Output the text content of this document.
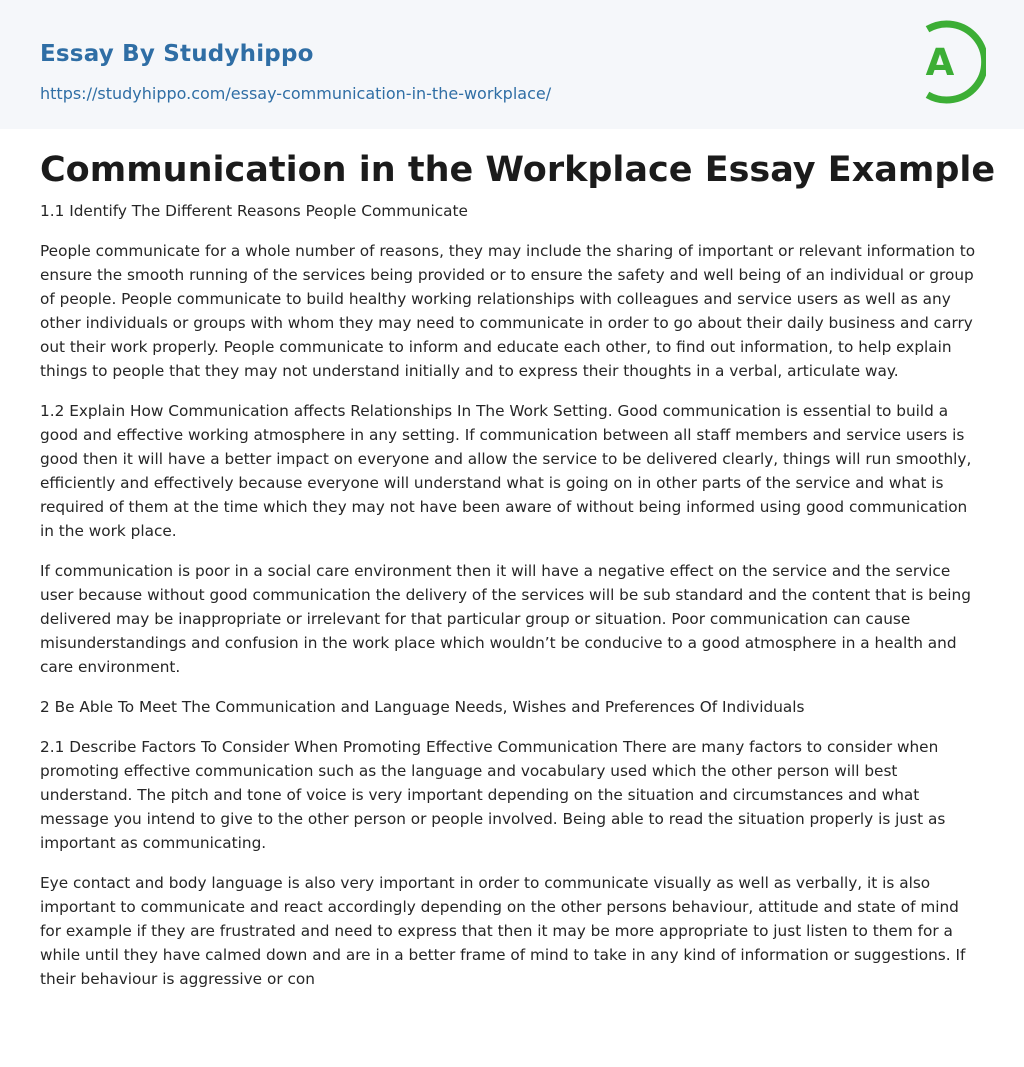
Essay By Studyhippo
https://studyhippo.com/essay-communication-in-the-workplace/
A
Communication in the Workplace Essay Example

1.1 Identify The Different Reasons People Communicate

People communicate for a whole number of reasons, they may include the sharing of important or relevant information to ensure the smooth running of the services being provided or to ensure the safety and well being of an individual or group of people. People communicate to build healthy working relationships with colleagues and service users as well as any other individuals or groups with whom they may need to communicate in order to go about their daily business and carry out their work properly. People communicate to inform and educate each other, to find out information, to help explain things to people that they may not understand initially and to express their thoughts in a verbal, articulate way.

1.2 Explain How Communication affects Relationships In The Work Setting. Good communication is essential to build a good and effective working atmosphere in any setting. If communication between all staff members and service users is good then it will have a better impact on everyone and allow the service to be delivered clearly, things will run smoothly, efficiently and effectively because everyone will understand what is going on in other parts of the service and what is required of them at the time which they may not have been aware of without being informed using good communication in the work place.

If communication is poor in a social care environment then it will have a negative effect on the service and the service user because without good communication the delivery of the services will be sub standard and the content that is being delivered may be inappropriate or irrelevant for that particular group or situation. Poor communication can cause misunderstandings and confusion in the work place which wouldn’t be conducive to a good atmosphere in a health and care environment.

2 Be Able To Meet The Communication and Language Needs, Wishes and Preferences Of Individuals

2.1 Describe Factors To Consider When Promoting Effective Communication There are many factors to consider when promoting effective communication such as the language and vocabulary used which the other person will best understand. The pitch and tone of voice is very important depending on the situation and circumstances and what message you intend to give to the other person or people involved. Being able to read the situation properly is just as important as communicating.

Eye contact and body language is also very important in order to communicate visually as well as verbally, it is also important to communicate and react accordingly depending on the other persons behaviour, attitude and state of mind for example if they are frustrated and need to express that then it may be more appropriate to just listen to them for a while until they have calmed down and are in a better frame of mind to take in any kind of information or suggestions. If their behaviour is aggressive or con
